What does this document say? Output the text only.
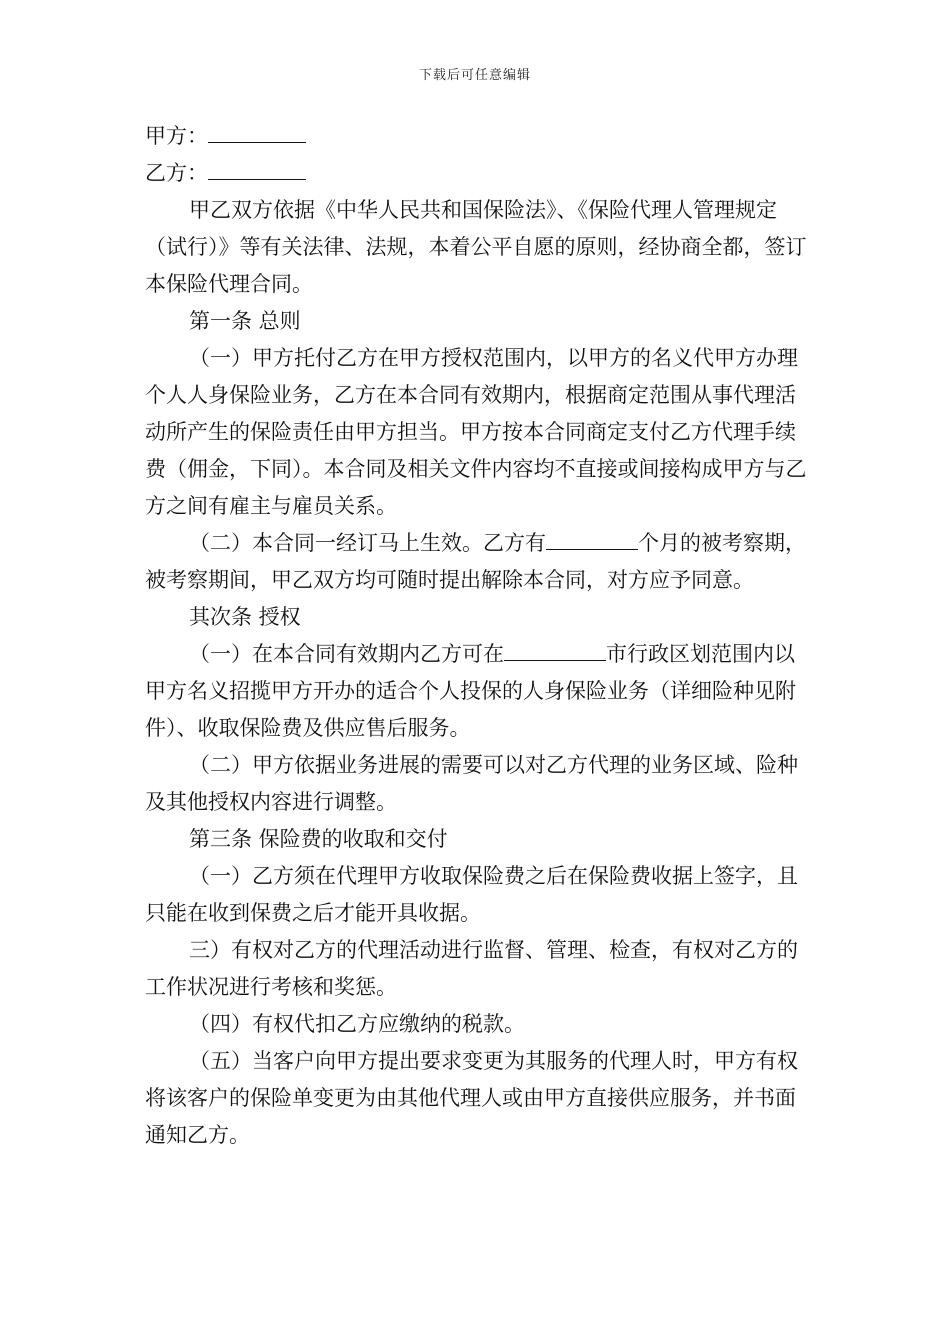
下载后可任意编辑

甲方：

乙方：

甲乙双方依据《中华人民共和国保险法》、《保险代理人管理规定（试行）》等有关法律、法规，本着公平自愿的原则，经协商全都，签订本保险代理合同。

第一条 总则

（一）甲方托付乙方在甲方授权范围内，以甲方的名义代甲方办理个人人身保险业务，乙方在本合同有效期内，根据商定范围从事代理活动所产生的保险责任由甲方担当。甲方按本合同商定支付乙方代理手续费（佣金，下同）。本合同及相关文件内容均不直接或间接构成甲方与乙方之间有雇主与雇员关系。

（二）本合同一经订马上生效。乙方有	个月的被考察期，被考察期间，甲乙双方均可随时提出解除本合同，对方应予同意。

其次条 授权

（一）在本合同有效期内乙方可在	市行政区划范围内以甲方名义招揽甲方开办的适合个人投保的人身保险业务（详细险种见附件）、收取保险费及供应售后服务。

（二）甲方依据业务进展的需要可以对乙方代理的业务区域、险种及其他授权内容进行调整。

第三条 保险费的收取和交付

（一）乙方须在代理甲方收取保险费之后在保险费收据上签字，且只能在收到保费之后才能开具收据。

三）有权对乙方的代理活动进行监督、管理、检查，有权对乙方的工作状况进行考核和奖惩。

（四）有权代扣乙方应缴纳的税款。

（五）当客户向甲方提出要求变更为其服务的代理人时，甲方有权将该客户的保险单变更为由其他代理人或由甲方直接供应服务，并书面通知乙方。
